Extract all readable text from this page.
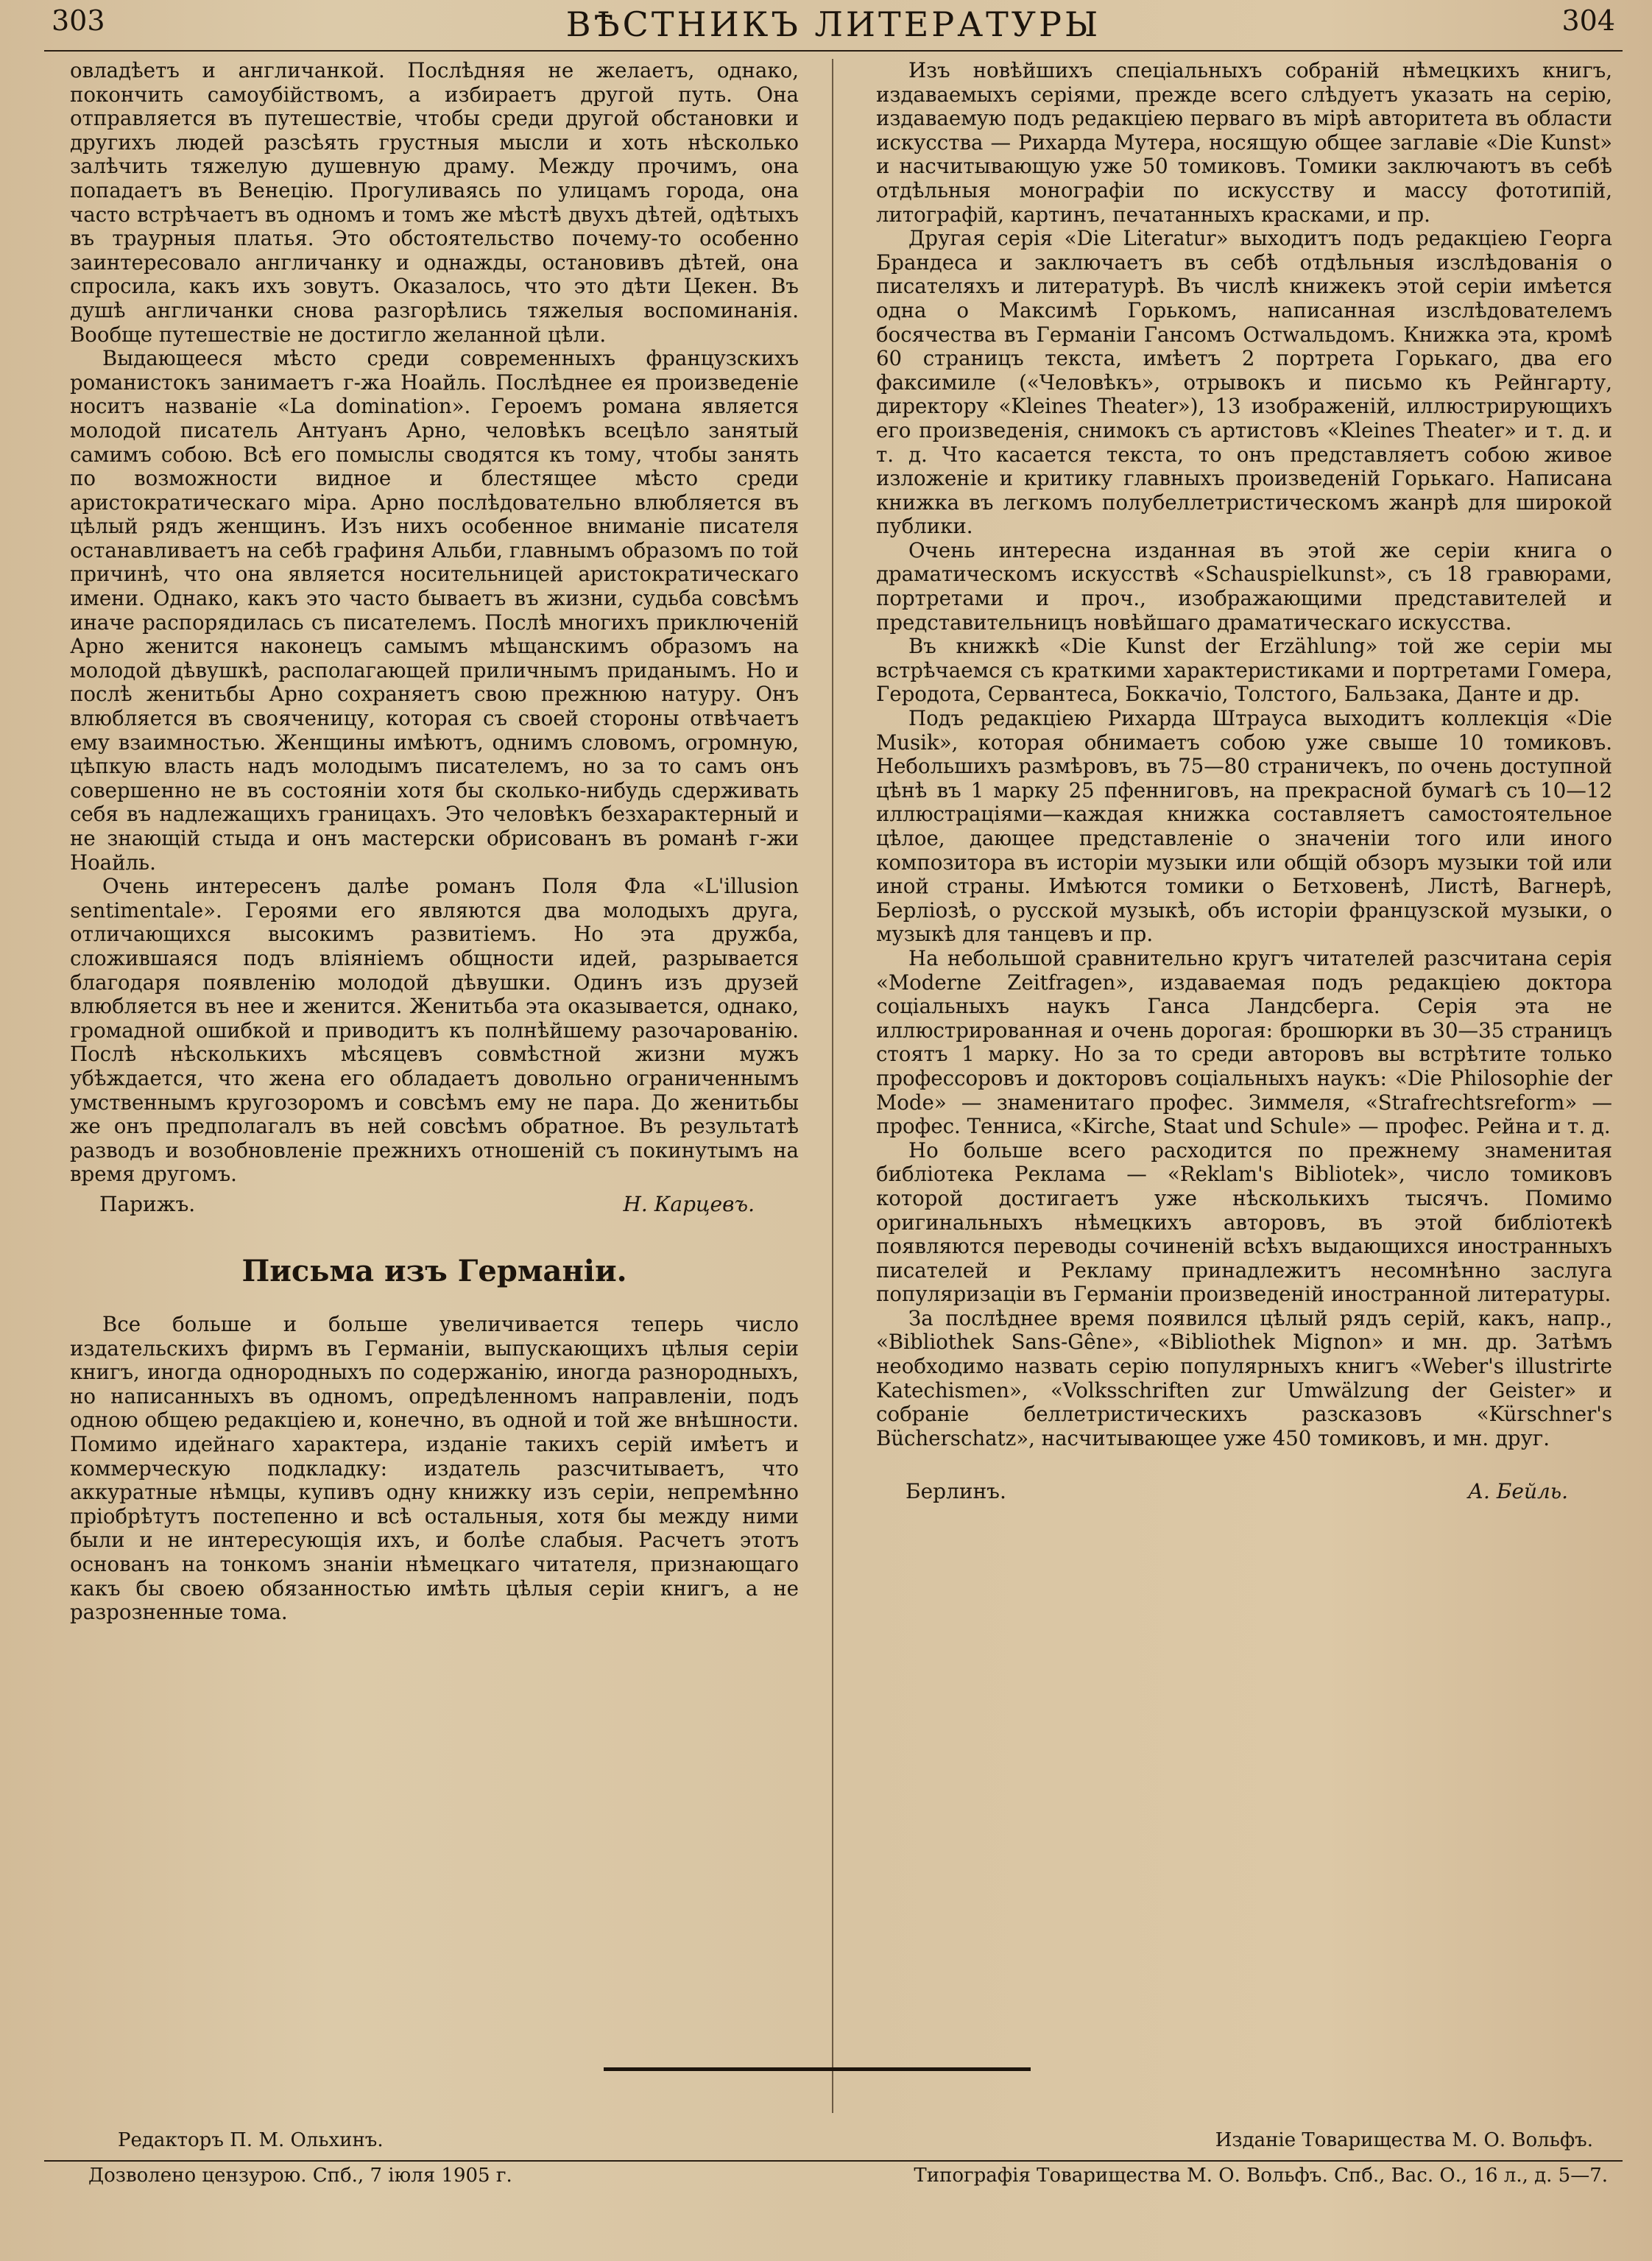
303	ВѢСТНИКЪ ЛИТЕРАТУРЫ	304

овладѣетъ и англичанкой. Послѣдняя не желаетъ, однако, покончить самоубійствомъ, а избираетъ другой путь. Она отправляется въ путешествіе, чтобы среди другой обстановки и другихъ людей разсѣять грустныя мысли и хоть нѣсколько залѣчить тяжелую душевную драму. Между прочимъ, она попадаетъ въ Венецію. Прогуливаясь по улицамъ города, она часто встрѣчаетъ въ одномъ и томъ же мѣстѣ двухъ дѣтей, одѣтыхъ въ траурныя платья. Это обстоятельство почему-то особенно заинтересовало англичанку и однажды, остановивъ дѣтей, она спросила, какъ ихъ зовутъ. Оказалось, что это дѣти Цекен. Въ душѣ англичанки снова разгорѣлись тяжелыя воспоминанія. Вообще путешествіе не достигло желанной цѣли.

Выдающееся мѣсто среди современныхъ французскихъ романистокъ занимаетъ г-жа Ноайль. Послѣднее ея произведеніе носитъ названіе «La domination». Героемъ романа является молодой писатель Антуанъ Арно, человѣкъ всецѣло занятый самимъ собою. Всѣ его помыслы сводятся къ тому, чтобы занять по возможности видное и блестящее мѣсто среди аристократическаго міра. Арно послѣдовательно влюбляется въ цѣлый рядъ женщинъ. Изъ нихъ особенное вниманіе писателя останавливаетъ на себѣ графиня Альби, главнымъ образомъ по той причинѣ, что она является носительницей аристократическаго имени. Однако, какъ это часто бываетъ въ жизни, судьба совсѣмъ иначе распорядилась съ писателемъ. Послѣ многихъ приключеній Арно женится наконецъ самымъ мѣщанскимъ образомъ на молодой дѣвушкѣ, располагающей приличнымъ приданымъ. Но и послѣ женитьбы Арно сохраняетъ свою прежнюю натуру. Онъ влюбляется въ свояченицу, которая съ своей стороны отвѣчаетъ ему взаимностью. Женщины имѣютъ, однимъ словомъ, огромную, цѣпкую власть надъ молодымъ писателемъ, но за то самъ онъ совершенно не въ состояніи хотя бы сколько-нибудь сдерживать себя въ надлежащихъ границахъ. Это человѣкъ безхарактерный и не знающій стыда и онъ мастерски обрисованъ въ романѣ г-жи Ноайль.

Очень интересенъ далѣе романъ Поля Фла «L'illusion sentimentale». Героями его являются два молодыхъ друга, отличающихся высокимъ развитіемъ. Но эта дружба, сложившаяся подъ вліяніемъ общности идей, разрывается благодаря появленію молодой дѣвушки. Одинъ изъ друзей влюбляется въ нее и женится. Женитьба эта оказывается, однако, громадной ошибкой и приводитъ къ полнѣйшему разочарованію. Послѣ нѣсколькихъ мѣсяцевъ совмѣстной жизни мужъ убѣждается, что жена его обладаетъ довольно ограниченнымъ умственнымъ кругозоромъ и совсѣмъ ему не пара. До женитьбы же онъ предполагалъ въ ней совсѣмъ обратное. Въ результатѣ разводъ и возобновленіе прежнихъ отношеній съ покинутымъ на время другомъ.

Парижъ.	Н. Карцевъ.
Письма изъ Германіи.

Все больше и больше увеличивается теперь число издательскихъ фирмъ въ Германіи, выпускающихъ цѣлыя серіи книгъ, иногда однородныхъ по содержанію, иногда разнородныхъ, но написанныхъ въ одномъ, опредѣленномъ направленіи, подъ одною общею редакціею и, конечно, въ одной и той же внѣшности. Помимо идейнаго характера, изданіе такихъ серій имѣетъ и коммерческую подкладку: издатель разсчитываетъ, что аккуратные нѣмцы, купивъ одну книжку изъ серіи, непремѣнно пріобрѣтутъ постепенно и всѣ остальныя, хотя бы между ними были и не интересующія ихъ, и болѣе слабыя. Расчетъ этотъ основанъ на тонкомъ знаніи нѣмецкаго читателя, признающаго какъ бы своею обязанностью имѣть цѣлыя серіи книгъ, а не разрозненные тома.

Изъ новѣйшихъ спеціальныхъ собраній нѣмецкихъ книгъ, издаваемыхъ серіями, прежде всего слѣдуетъ указать на серію, издаваемую подъ редакціею перваго въ мірѣ авторитета въ области искусства — Рихарда Мутера, носящую общее заглавіе «Die Kunst» и насчитывающую уже 50 томиковъ. Томики заключаютъ въ себѣ отдѣльныя монографіи по искусству и массу фототипій, литографій, картинъ, печатанныхъ красками, и пр.

Другая серія «Die Literatur» выходитъ подъ редакціею Георга Брандеса и заключаетъ въ себѣ отдѣльныя изслѣдованія о писателяхъ и литературѣ. Въ числѣ книжекъ этой серіи имѣется одна о Максимѣ Горькомъ, написанная изслѣдователемъ босячества въ Германіи Гансомъ Остwальдомъ. Книжка эта, кромѣ 60 страницъ текста, имѣетъ 2 портрета Горькаго, два его факсимиле («Человѣкъ», отрывокъ и письмо къ Рейнгарту, директору «Kleines Theater»), 13 изображеній, иллюстрирующихъ его произведенія, снимокъ съ артистовъ «Kleines Theater» и т. д. и т. д. Что касается текста, то онъ представляетъ собою живое изложеніе и критику главныхъ произведеній Горькаго. Написана книжка въ легкомъ полубеллетристическомъ жанрѣ для широкой публики.

Очень интересна изданная въ этой же серіи книга о драматическомъ искусствѣ «Schauspielkunst», съ 18 гравюрами, портретами и проч., изображающими представителей и представительницъ новѣйшаго драматическаго искусства.

Въ книжкѣ «Die Kunst der Erzählung» той же серіи мы встрѣчаемся съ краткими характеристиками и портретами Гомера, Геродота, Сервантеса, Боккачіо, Толстого, Бальзака, Данте и др.

Подъ редакціею Рихарда Штрауса выходитъ коллекція «Die Musik», которая обнимаетъ собою уже свыше 10 томиковъ. Небольшихъ размѣровъ, въ 75—80 страничекъ, по очень доступной цѣнѣ въ 1 марку 25 пфенниговъ, на прекрасной бумагѣ съ 10—12 иллюстраціями—каждая книжка составляетъ самостоятельное цѣлое, дающее представленіе о значеніи того или иного композитора въ исторіи музыки или общій обзоръ музыки той или иной страны. Имѣются томики о Бетховенѣ, Листѣ, Вагнерѣ, Берліозѣ, о русской музыкѣ, объ исторіи французской музыки, о музыкѣ для танцевъ и пр.

На небольшой сравнительно кругъ читателей разсчитана серія «Moderne Zeitfragen», издаваемая подъ редакціею доктора соціальныхъ наукъ Ганса Ландсберга. Серія эта не иллюстрированная и очень дорогая: брошюрки въ 30—35 страницъ стоятъ 1 марку. Но за то среди авторовъ вы встрѣтите только профессоровъ и докторовъ соціальныхъ наукъ: «Die Philosophie der Mode» — знаменитаго профес. Зиммеля, «Strafrechtsreform» — профес. Тенниса, «Kirche, Staat und Schule» — профес. Рейна и т. д.

Но больше всего расходится по прежнему знаменитая библіотека Реклама — «Reklam's Bibliotek», число томиковъ которой достигаетъ уже нѣсколькихъ тысячъ. Помимо оригинальныхъ нѣмецкихъ авторовъ, въ этой библіотекѣ появляются переводы сочиненій всѣхъ выдающихся иностранныхъ писателей и Рекламу принадлежитъ несомнѣнно заслуга популяризаціи въ Германіи произведеній иностранной литературы.

За послѣднее время появился цѣлый рядъ серій, какъ, напр., «Bibliothek Sans-Gêne», «Bibliothek Mignon» и мн. др. Затѣмъ необходимо назвать серію популярныхъ книгъ «Weber's illustrirte Katechismen», «Volksschriften zur Umwälzung der Geister» и собраніе беллетристическихъ разсказовъ «Kürschner's Bücherschatz», насчитывающее уже 450 томиковъ, и мн. друг.

Берлинъ.	А. Бейль.
Редакторъ П. М. Ольхинъ.	Изданіе Товарищества М. О. Вольфъ.
Дозволено цензурою. Спб., 7 іюля 1905 г.	Типографія Товарищества М. О. Вольфъ. Спб., Вас. О., 16 л., д. 5—7.
